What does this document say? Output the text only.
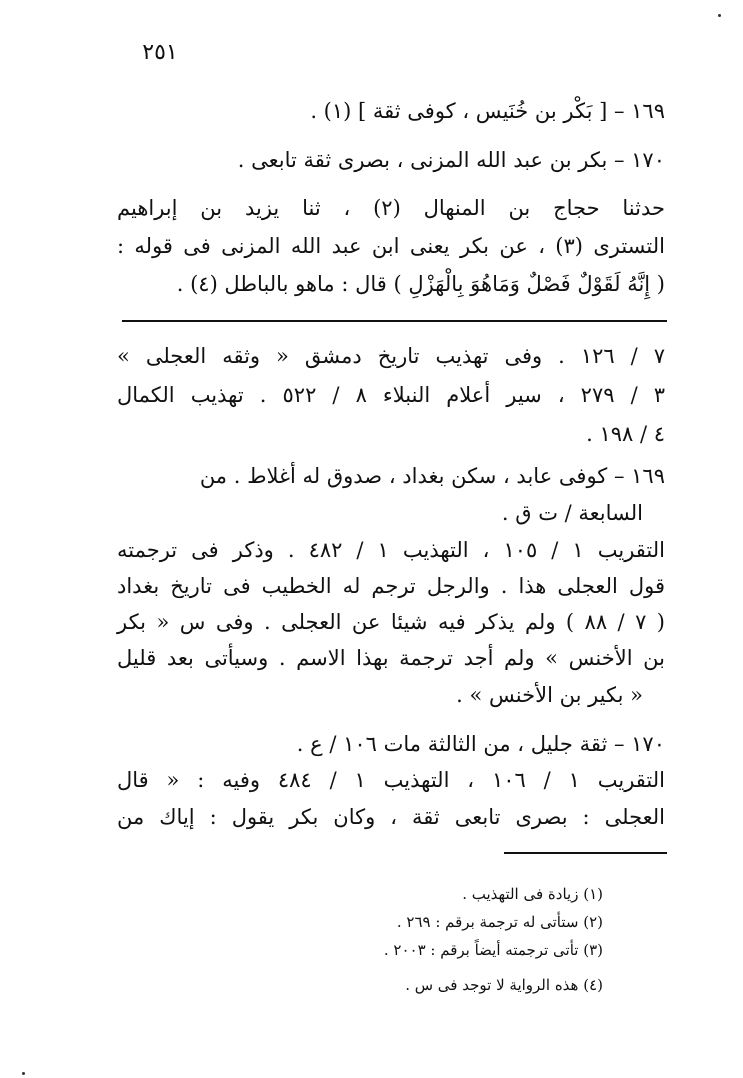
٢٥١
١٦٩ – [ بَكْر بن خُنَيس ، كوفى ثقة ] (١) .
١٧٠ – بكر بن عبد الله المزنى ، بصرى ثقة تابعى .
حدثنا حجاج بن المنهال (٢) ، ثنا يزيد بن إبراهيم
التسترى (٣) ، عن بكر يعنى ابن عبد الله المزنى فى قوله :
( إِنَّهُ لَقَوْلٌ فَصْلٌ وَمَاهُوَ بِالْهَزْلِ ) قال : ماهو بالباطل (٤) .
٧ / ١٢٦ . وفى تهذيب تاريخ دمشق « وثقه العجلى »
٣ / ٢٧٩ ، سير أعلام النبلاء ٨ / ٥٢٢ . تهذيب الكمال
٤ / ١٩٨ .
١٦٩ – كوفى عابد ، سكن بغداد ، صدوق له أغلاط . من
السابعة / ت ق .
التقريب ١ / ١٠٥ ، التهذيب ١ / ٤٨٢ . وذكر فى ترجمته
قول العجلى هذا . والرجل ترجم له الخطيب فى تاريخ بغداد
( ٧ / ٨٨ ) ولم يذكر فيه شيئا عن العجلى . وفى س « بكر
بن الأخنس » ولم أجد ترجمة بهذا الاسم . وسيأتى بعد قليل
« بكير بن الأخنس » .
١٧٠ – ثقة جليل ، من الثالثة مات ١٠٦ / ع .
التقريب ١ / ١٠٦ ، التهذيب ١ / ٤٨٤ وفيه : « قال
العجلى : بصرى تابعى ثقة ، وكان بكر يقول : إياك من
(١) زيادة فى التهذيب .
(٢) ستأتى له ترجمة برقم : ٢٦٩ .
(٣) تأتى ترجمته أيضاً برقم : ٢٠٠٣ .
(٤) هذه الرواية لا توجد فى س .
